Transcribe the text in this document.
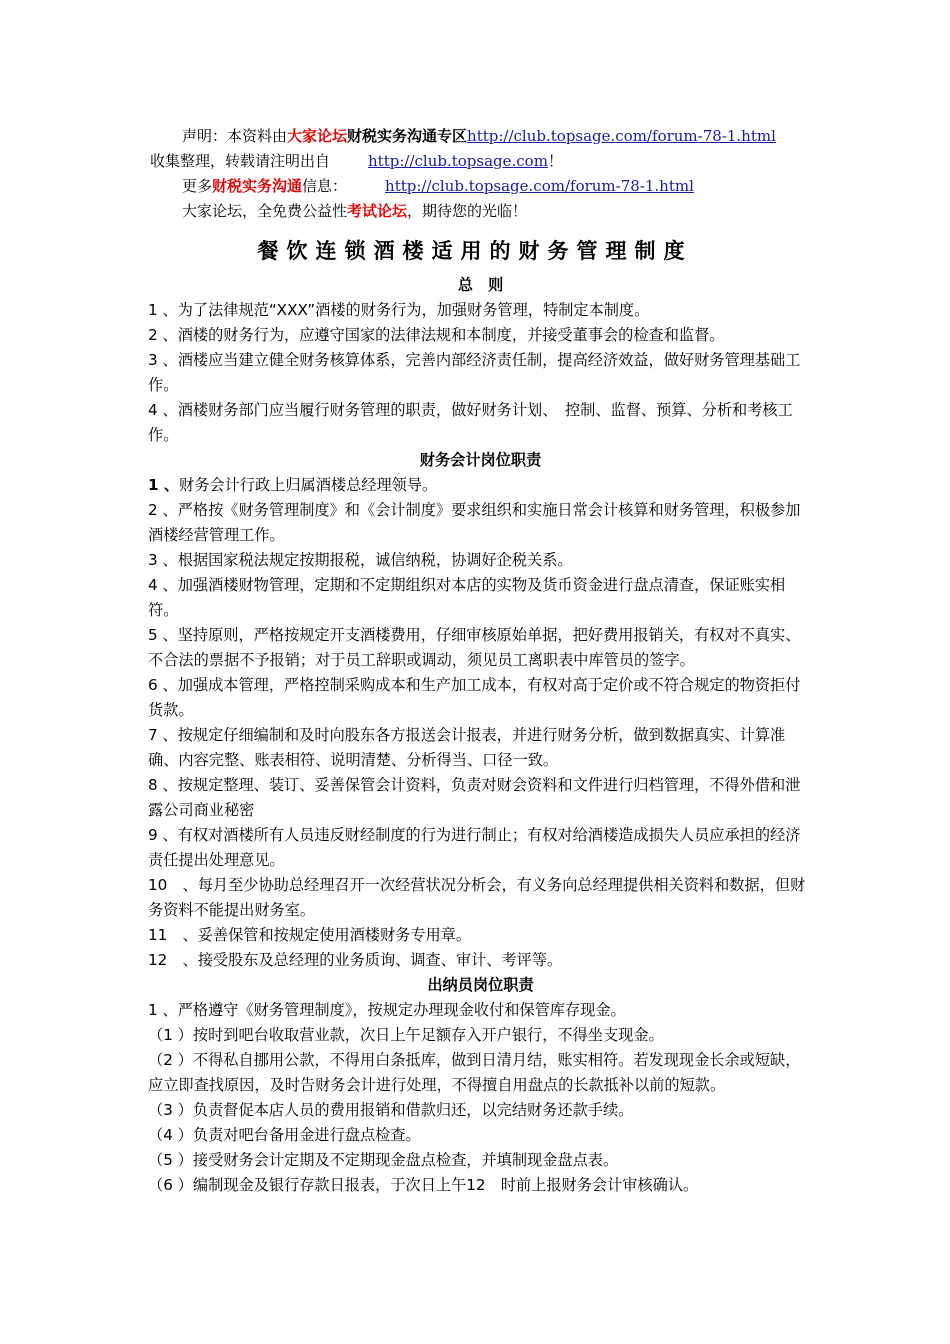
声明：本资料由大家论坛财税实务沟通专区http://club.topsage.com/forum-78-1.html
收集整理，转载请注明出自	http://club.topsage.com！
更多财税实务沟通信息：	http://club.topsage.com/forum-78-1.html
大家论坛，全免费公益性考试论坛，期待您的光临！
餐饮连锁酒楼适用的财务管理制度

总　则

1 、为了法律规范“XXX”酒楼的财务行为，加强财务管理，特制定本制度。

2 、酒楼的财务行为，应遵守国家的法律法规和本制度，并接受董事会的检查和监督。

3 、酒楼应当建立健全财务核算体系，完善内部经济责任制，提高经济效益，做好财务管理基础工作。

4 、酒楼财务部门应当履行财务管理的职责，做好财务计划、　控制、监督、预算、分析和考核工作。

财务会计岗位职责

1 、财务会计行政上归属酒楼总经理领导。

2 、严格按《财务管理制度》和《会计制度》要求组织和实施日常会计核算和财务管理，积极参加酒楼经营管理工作。

3 、根据国家税法规定按期报税，诚信纳税，协调好企税关系。

4 、加强酒楼财物管理，定期和不定期组织对本店的实物及货币资金进行盘点清查，保证账实相符。

5 、坚持原则，严格按规定开支酒楼费用，仔细审核原始单据，把好费用报销关，有权对不真实、不合法的票据不予报销；对于员工辞职或调动，须见员工离职表中库管员的签字。

6 、加强成本管理，严格控制采购成本和生产加工成本，有权对高于定价或不符合规定的物资拒付货款。

7 、按规定仔细编制和及时向股东各方报送会计报表，并进行财务分析，做到数据真实、计算准确、内容完整、账表相符、说明清楚、分析得当、口径一致。

8 、按规定整理、装订、妥善保管会计资料，负责对财会资料和文件进行归档管理，不得外借和泄露公司商业秘密

9 、有权对酒楼所有人员违反财经制度的行为进行制止；有权对给酒楼造成损失人员应承担的经济责任提出处理意见。

10　、每月至少协助总经理召开一次经营状况分析会，有义务向总经理提供相关资料和数据，但财务资料不能提出财务室。

11　、妥善保管和按规定使用酒楼财务专用章。

12　、接受股东及总经理的业务质询、调查、审计、考评等。

出纳员岗位职责

1 、严格遵守《财务管理制度》，按规定办理现金收付和保管库存现金。

（1 ）按时到吧台收取营业款，次日上午足额存入开户银行，不得坐支现金。

（2 ）不得私自挪用公款，不得用白条抵库，做到日清月结，账实相符。若发现现金长余或短缺，应立即查找原因，及时告财务会计进行处理，不得擅自用盘点的长款抵补以前的短款。

（3 ）负责督促本店人员的费用报销和借款归还，以完结财务还款手续。

（4 ）负责对吧台备用金进行盘点检查。

（5 ）接受财务会计定期及不定期现金盘点检查，并填制现金盘点表。

（6 ）编制现金及银行存款日报表，于次日上午12　时前上报财务会计审核确认。
